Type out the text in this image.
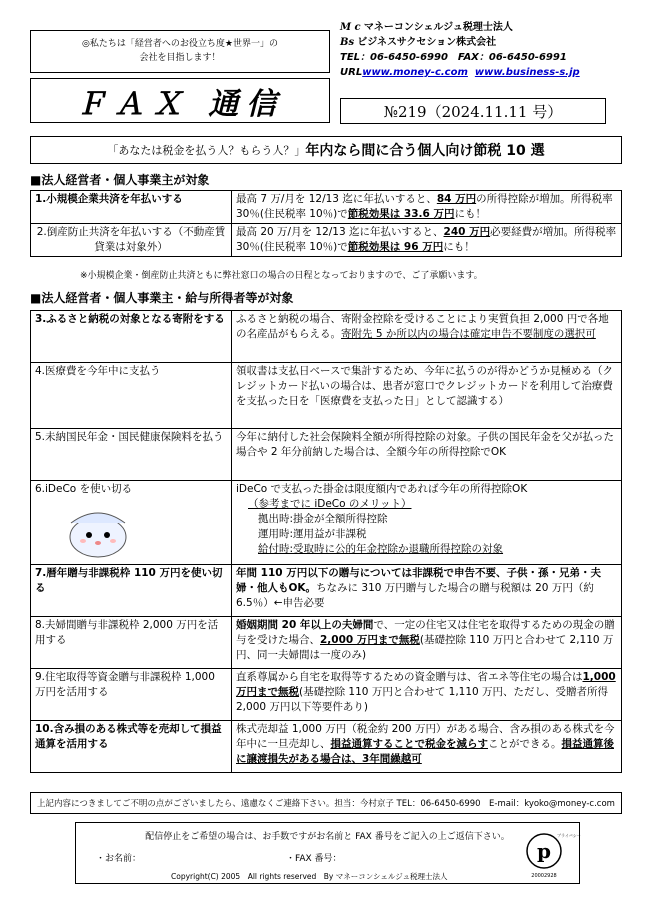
◎私たちは「経営者へのお役立ち度★世界一」の
会社を目指します！
M c マネーコンシェルジュ税理士法人
Bs ビジネスサクセション株式会社
TEL：06-6450-6990　FAX：06-6450-6991
URLwww.money-c.com www.business-s.jp
ＦＡＸ 通信	№219（2024.11.11 号）
「あなたは税金を払う人？もらう人？」 年内なら間に合う個人向け節税 10 選
■法人経営者・個人事業主が対象
1.小規模企業共済を年払いする	最高 7 万/月を 12/13 迄に年払いすると、84 万円の所得控除が増加。所得税率 30％(住民税率 10％)で節税効果は 33.6 万円にも！
2.倒産防止共済を年払いする（不動産賃貸業は対象外）	最高 20 万/月を 12/13 迄に年払いすると、240 万円必要経費が増加。所得税率 30％(住民税率 10％)で節税効果は 96 万円にも！
※小規模企業・倒産防止共済ともに弊社窓口の場合の日程となっておりますので、ご了承願います。
■法人経営者・個人事業主・給与所得者等が対象
3.ふるさと納税の対象となる寄附をする	ふるさと納税の場合、寄附金控除を受けることにより実質負担 2,000 円で各地の名産品がもらえる。寄附先 5 か所以内の場合は確定申告不要制度の選択可
4.医療費を今年中に支払う	領収書は支払日ベースで集計するため、今年に払うのが得かどうか見極める（クレジットカード払いの場合は、患者が窓口でクレジットカードを利用して治療費を支払った日を「医療費を支払った日」として認識する）
5.未納国民年金・国民健康保険料を払う	今年に納付した社会保険料全額が所得控除の対象。子供の国民年金を父が払った場合や 2 年分前納した場合は、全額今年の所得控除でOK

6.iDeCo を使い切る	iDeCo で支払った掛金は限度額内であれば今年の所得控除OK
（参考までに iDeCo のメリット）
拠出時:掛金が全額所得控除
運用時:運用益が非課税
給付時:受取時に公的年金控除か退職所得控除の対象

7.暦年贈与非課税枠 110 万円を使い切る	年間 110 万円以下の贈与については非課税で申告不要、子供・孫・兄弟・夫婦・他人もOK。ちなみに 310 万円贈与した場合の贈与税額は 20 万円（約 6.5％）←申告必要
8.夫婦間贈与非課税枠 2,000 万円を活用する	婚姻期間 20 年以上の夫婦間で、一定の住宅又は住宅を取得するための現金の贈与を受けた場合、2,000 万円まで無税(基礎控除 110 万円と合わせて 2,110 万円、同一夫婦間は一度のみ)
9.住宅取得等資金贈与非課税枠 1,000 万円を活用する	直系尊属から自宅を取得等するための資金贈与は、省エネ等住宅の場合は1,000 万円まで無税(基礎控除 110 万円と合わせて 1,110 万円、ただし、受贈者所得 2,000 万円以下等要件あり)
10.含み損のある株式等を売却して損益通算を活用する	株式売却益 1,000 万円（税金約 200 万円）がある場合、含み損のある株式を今年中に一旦売却し、損益通算することで税金を減らすことができる。損益通算後に譲渡損失がある場合は、3年間繰越可
上記内容につきましてご不明の点がございましたら、遠慮なくご連絡下さい。担当：今村京子 TEL：06-6450-6990　E-mail：kyoko@money-c.com
配信停止をご希望の場合は、お手数ですがお名前と FAX 番号をご記入の上ご返信下さい。
・お名前：	・FAX 番号：
Copyright(C) 2005　All rights reserved　By マネーコンシェルジュ税理士法人
p
プライバシー
20002928
